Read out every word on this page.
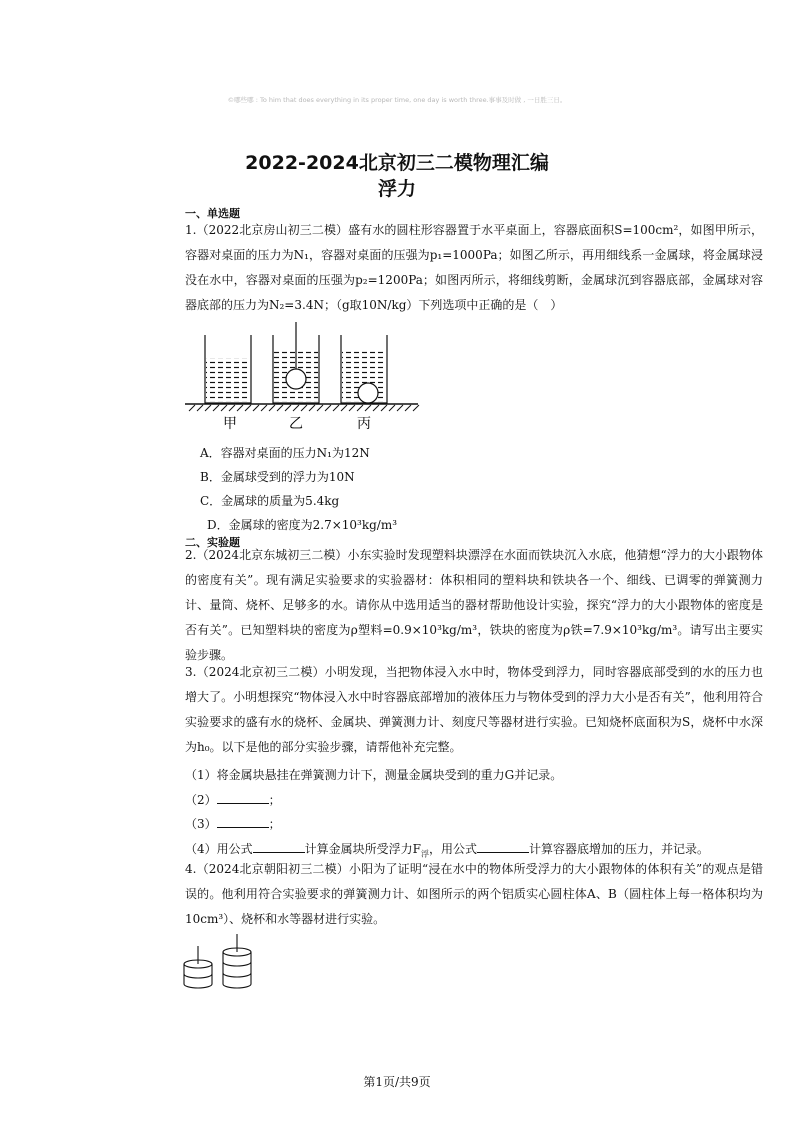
©哪些哪 : To him that does everything in its proper time, one day is worth three.事事及时做 , 一日胜三日。
2022-2024北京初三二模物理汇编
浮力
一、单选题
1.（2022北京房山初三二模）盛有水的圆柱形容器置于水平桌面上，容器底面积S=100cm²，如图甲所示，容器对桌面的压力为N₁，容器对桌面的压强为p₁=1000Pa；如图乙所示，再用细线系一金属球，将金属球浸没在水中，容器对桌面的压强为p₂=1200Pa；如图丙所示，将细线剪断，金属球沉到容器底部，金属球对容器底部的压力为N₂=3.4N；（g取10N/kg）下列选项中正确的是（　）
甲	乙	丙
A．容器对桌面的压力N₁为12N
B．金属球受到的浮力为10N
C．金属球的质量为5.4kg
D．金属球的密度为2.7×10³kg/m³
二、实验题
2.（2024北京东城初三二模）小东实验时发现塑料块漂浮在水面而铁块沉入水底，他猜想“浮力的大小跟物体的密度有关”。现有满足实验要求的实验器材：体积相同的塑料块和铁块各一个、细线、已调零的弹簧测力计、量筒、烧杯、足够多的水。请你从中选用适当的器材帮助他设计实验，探究“浮力的大小跟物体的密度是否有关”。已知塑料块的密度为ρ塑料=0.9×10³kg/m³，铁块的密度为ρ铁=7.9×10³kg/m³。请写出主要实验步骤。
3.（2024北京初三二模）小明发现，当把物体浸入水中时，物体受到浮力，同时容器底部受到的水的压力也增大了。小明想探究“物体浸入水中时容器底部增加的液体压力与物体受到的浮力大小是否有关”，他利用符合实验要求的盛有水的烧杯、金属块、弹簧测力计、刻度尺等器材进行实验。已知烧杯底面积为S，烧杯中水深为h₀。以下是他的部分实验步骤，请帮他补充完整。
（1）将金属块悬挂在弹簧测力计下，测量金属块受到的重力G并记录。
（2）	；
（3）	；
（4）用公式	计算金属块所受浮力$F_浮$，用公式	计算容器底增加的压力，并记录。
4.（2024北京朝阳初三二模）小阳为了证明“浸在水中的物体所受浮力的大小跟物体的体积有关”的观点是错误的。他利用符合实验要求的弹簧测力计、如图所示的两个铝质实心圆柱体A、B（圆柱体上每一格体积均为10cm³）、烧杯和水等器材进行实验。
第1页/共9页
